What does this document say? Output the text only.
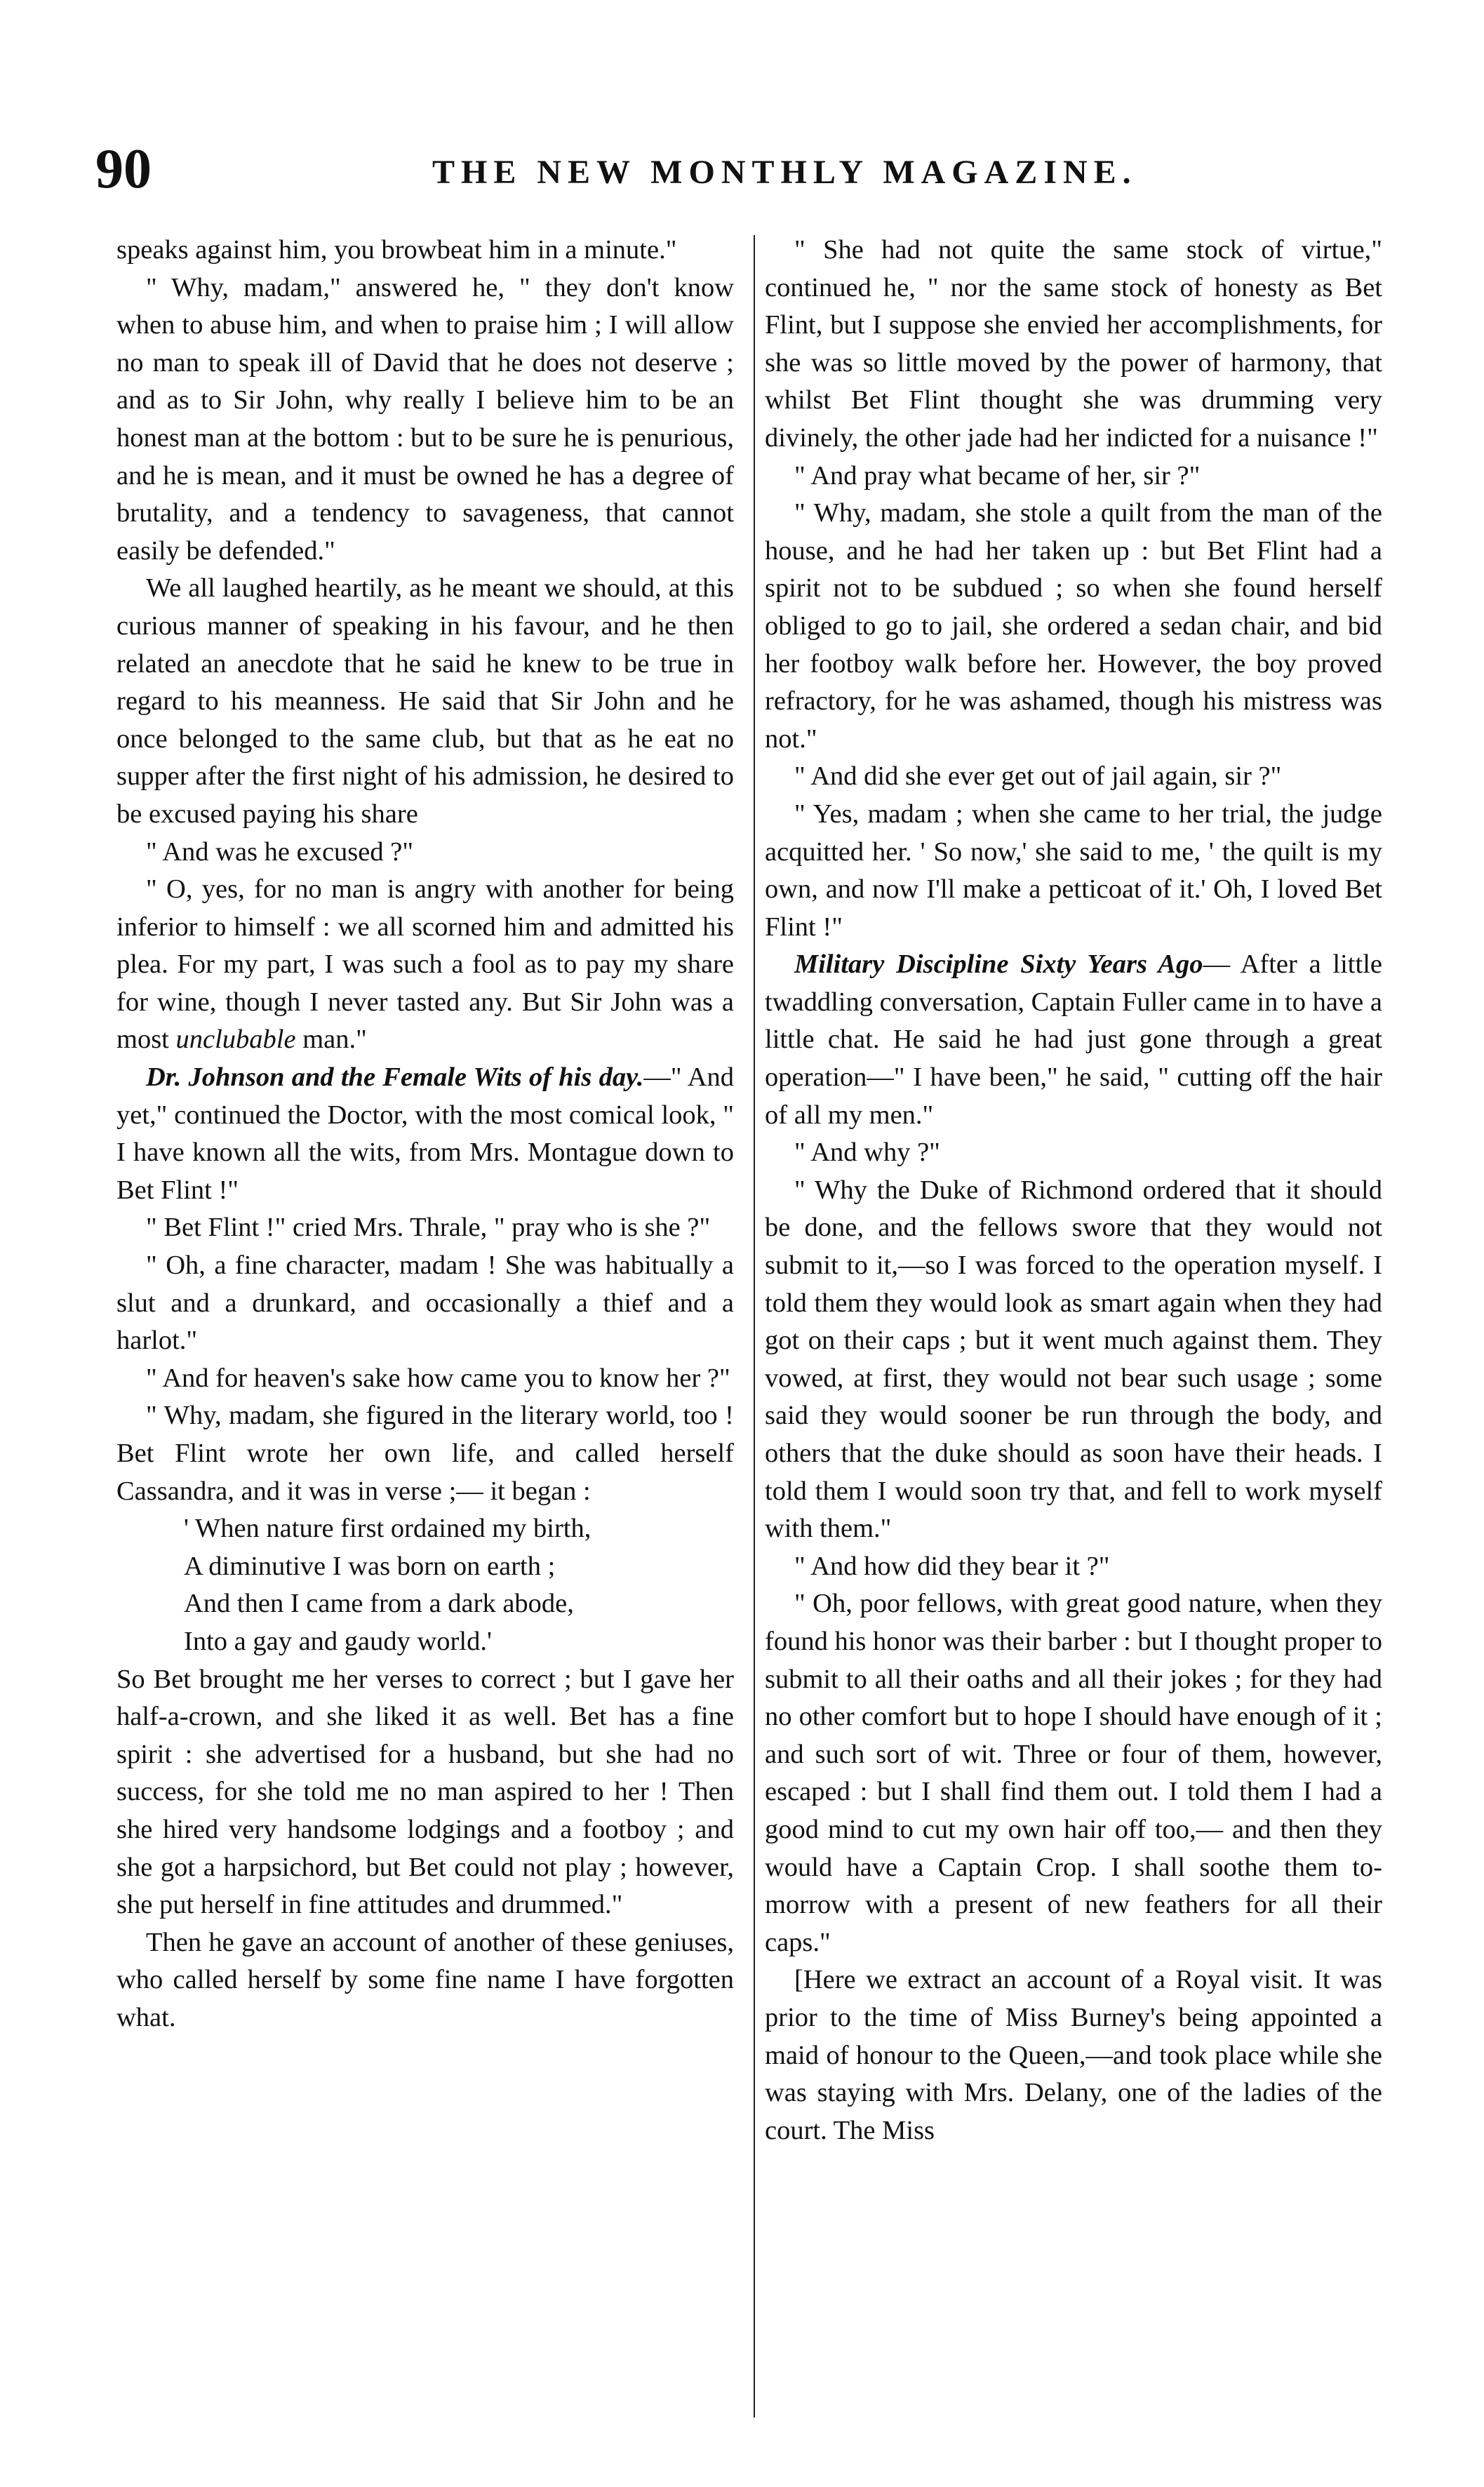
90	THE NEW MONTHLY MAGAZINE.

speaks against him, you browbeat him in a minute."

" Why, madam," answered he, " they don't know when to abuse him, and when to praise him ; I will allow no man to speak ill of David that he does not deserve ; and as to Sir John, why really I believe him to be an honest man at the bottom : but to be sure he is penurious, and he is mean, and it must be owned he has a degree of brutality, and a tendency to savageness, that cannot easily be defended."

We all laughed heartily, as he meant we should, at this curious manner of speaking in his favour, and he then related an anecdote that he said he knew to be true in regard to his meanness. He said that Sir John and he once belonged to the same club, but that as he eat no supper after the first night of his admission, he desired to be excused paying his share

" And was he excused ?"

" O, yes, for no man is angry with another for being inferior to himself : we all scorned him and admitted his plea. For my part, I was such a fool as to pay my share for wine, though I never tasted any. But Sir John was a most unclubable man."

Dr. Johnson and the Female Wits of his day.—" And yet," continued the Doctor, with the most comical look, " I have known all the wits, from Mrs. Montague down to Bet Flint !"

" Bet Flint !" cried Mrs. Thrale, " pray who is she ?"

" Oh, a fine character, madam ! She was habitually a slut and a drunkard, and occasionally a thief and a harlot."

" And for heaven's sake how came you to know her ?"

" Why, madam, she figured in the literary world, too ! Bet Flint wrote her own life, and called herself Cassandra, and it was in verse ;— it began :

' When nature first ordained my birth,
A diminutive I was born on earth ;
And then I came from a dark abode,
Into a gay and gaudy world.'

So Bet brought me her verses to correct ; but I gave her half-a-crown, and she liked it as well. Bet has a fine spirit : she advertised for a husband, but she had no success, for she told me no man aspired to her ! Then she hired very handsome lodgings and a footboy ; and she got a harpsichord, but Bet could not play ; however, she put herself in fine attitudes and drummed."

Then he gave an account of another of these geniuses, who called herself by some fine name I have forgotten what.

" She had not quite the same stock of virtue," continued he, " nor the same stock of honesty as Bet Flint, but I suppose she envied her accomplishments, for she was so little moved by the power of harmony, that whilst Bet Flint thought she was drumming very divinely, the other jade had her indicted for a nuisance !"

" And pray what became of her, sir ?"

" Why, madam, she stole a quilt from the man of the house, and he had her taken up : but Bet Flint had a spirit not to be subdued ; so when she found herself obliged to go to jail, she ordered a sedan chair, and bid her footboy walk before her. However, the boy proved refractory, for he was ashamed, though his mistress was not."

" And did she ever get out of jail again, sir ?"

" Yes, madam ; when she came to her trial, the judge acquitted her. ' So now,' she said to me, ' the quilt is my own, and now I'll make a petticoat of it.' Oh, I loved Bet Flint !"

Military Discipline Sixty Years Ago— After a little twaddling conversation, Captain Fuller came in to have a little chat. He said he had just gone through a great operation—" I have been," he said, " cutting off the hair of all my men."

" And why ?"

" Why the Duke of Richmond ordered that it should be done, and the fellows swore that they would not submit to it,—so I was forced to the operation myself. I told them they would look as smart again when they had got on their caps ; but it went much against them. They vowed, at first, they would not bear such usage ; some said they would sooner be run through the body, and others that the duke should as soon have their heads. I told them I would soon try that, and fell to work myself with them."

" And how did they bear it ?"

" Oh, poor fellows, with great good nature, when they found his honor was their barber : but I thought proper to submit to all their oaths and all their jokes ; for they had no other comfort but to hope I should have enough of it ; and such sort of wit. Three or four of them, however, escaped : but I shall find them out. I told them I had a good mind to cut my own hair off too,— and then they would have a Captain Crop. I shall soothe them to-morrow with a present of new feathers for all their caps."

[Here we extract an account of a Royal visit. It was prior to the time of Miss Burney's being appointed a maid of honour to the Queen,—and took place while she was staying with Mrs. Delany, one of the ladies of the court. The Miss
